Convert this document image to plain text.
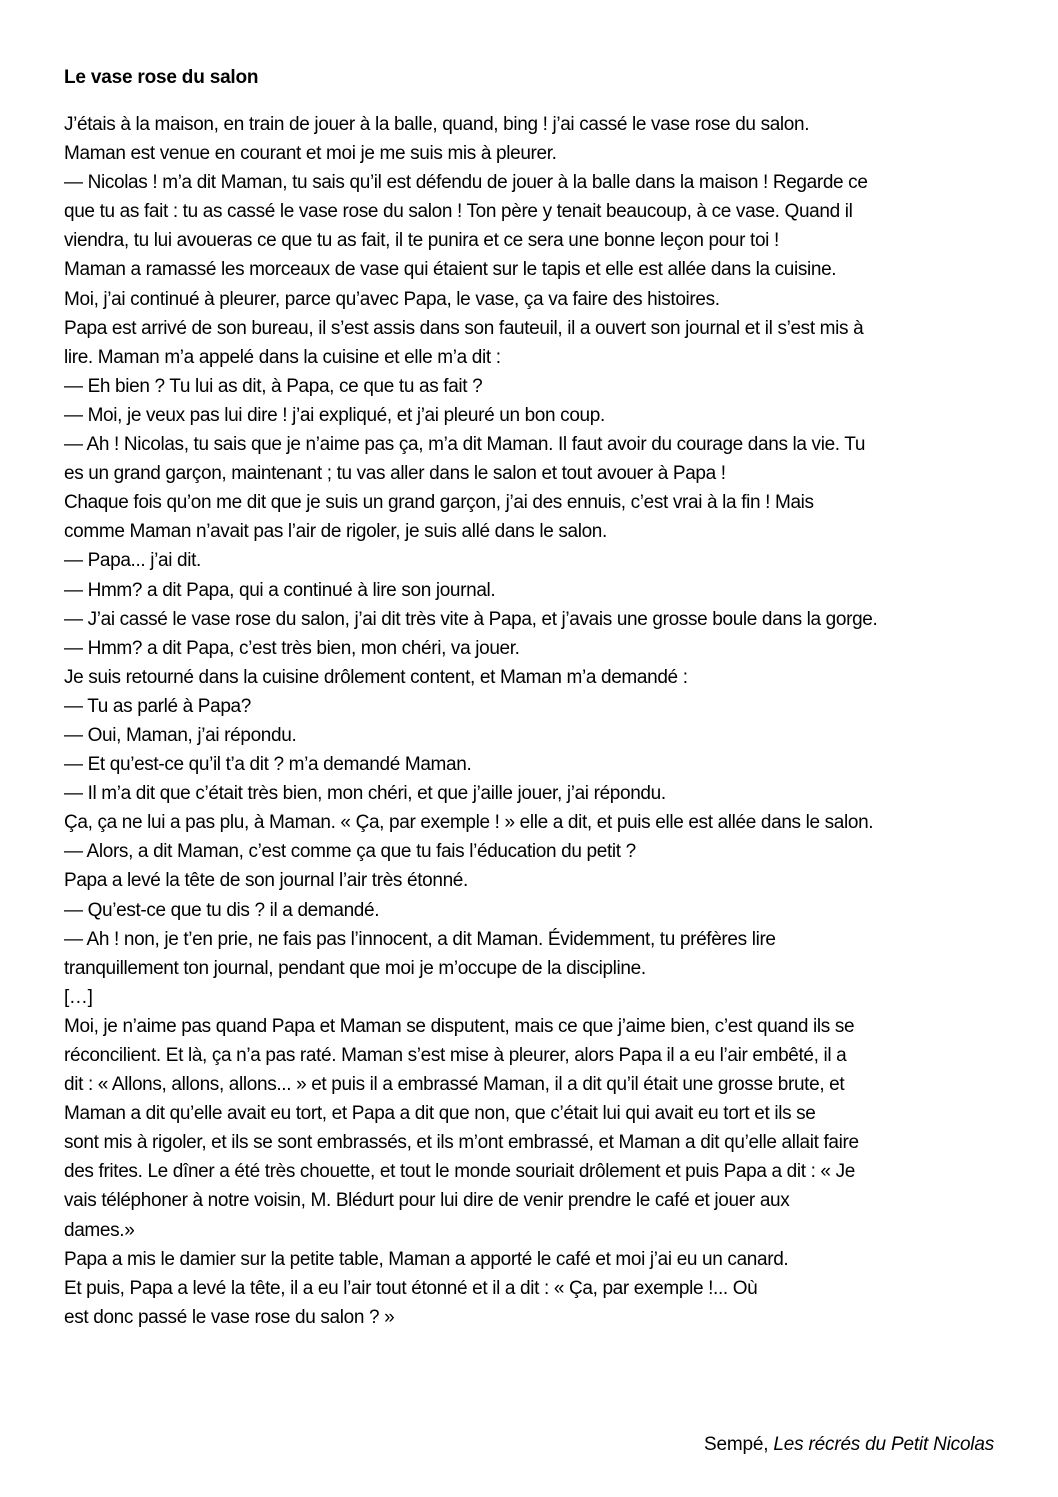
Le vase rose du salon
J’étais à la maison, en train de jouer à la balle, quand, bing ! j’ai cassé le vase rose du salon.
Maman est venue en courant et moi je me suis mis à pleurer.
— Nicolas ! m’a dit Maman, tu sais qu’il est défendu de jouer à la balle dans la maison ! Regarde ce
que tu as fait : tu as cassé le vase rose du salon ! Ton père y tenait beaucoup, à ce vase. Quand il
viendra, tu lui avoueras ce que tu as fait, il te punira et ce sera une bonne leçon pour toi !
Maman a ramassé les morceaux de vase qui étaient sur le tapis et elle est allée dans la cuisine.
Moi, j’ai continué à pleurer, parce qu’avec Papa, le vase, ça va faire des histoires.
Papa est arrivé de son bureau, il s’est assis dans son fauteuil, il a ouvert son journal et il s’est mis à
lire. Maman m’a appelé dans la cuisine et elle m’a dit :
— Eh bien ? Tu lui as dit, à Papa, ce que tu as fait ?
— Moi, je veux pas lui dire ! j’ai expliqué, et j’ai pleuré un bon coup.
— Ah ! Nicolas, tu sais que je n’aime pas ça, m’a dit Maman. Il faut avoir du courage dans la vie. Tu
es un grand garçon, maintenant ; tu vas aller dans le salon et tout avouer à Papa !
Chaque fois qu’on me dit que je suis un grand garçon, j’ai des ennuis, c’est vrai à la fin ! Mais
comme Maman n’avait pas l’air de rigoler, je suis allé dans le salon.
— Papa... j’ai dit.
— Hmm? a dit Papa, qui a continué à lire son journal.
— J’ai cassé le vase rose du salon, j’ai dit très vite à Papa, et j’avais une grosse boule dans la gorge.
— Hmm? a dit Papa, c’est très bien, mon chéri, va jouer.
Je suis retourné dans la cuisine drôlement content, et Maman m’a demandé :
— Tu as parlé à Papa?
— Oui, Maman, j’ai répondu.
— Et qu’est-ce qu’il t’a dit ? m’a demandé Maman.
— Il m’a dit que c’était très bien, mon chéri, et que j’aille jouer, j’ai répondu.
Ça, ça ne lui a pas plu, à Maman. « Ça, par exemple ! » elle a dit, et puis elle est allée dans le salon.
— Alors, a dit Maman, c’est comme ça que tu fais l’éducation du petit ?
Papa a levé la tête de son journal l’air très étonné.
— Qu’est-ce que tu dis ? il a demandé.
— Ah ! non, je t’en prie, ne fais pas l’innocent, a dit Maman. Évidemment, tu préfères lire
tranquillement ton journal, pendant que moi je m’occupe de la discipline.
[…]
Moi, je n’aime pas quand Papa et Maman se disputent, mais ce que j’aime bien, c’est quand ils se
réconcilient. Et là, ça n’a pas raté. Maman s’est mise à pleurer, alors Papa il a eu l’air embêté, il a
dit : « Allons, allons, allons... » et puis il a embrassé Maman, il a dit qu’il était une grosse brute, et
Maman a dit qu’elle avait eu tort, et Papa a dit que non, que c’était lui qui avait eu tort et ils se
sont mis à rigoler, et ils se sont embrassés, et ils m’ont embrassé, et Maman a dit qu’elle allait faire
des frites. Le dîner a été très chouette, et tout le monde souriait drôlement et puis Papa a dit : « Je
vais téléphoner à notre voisin, M. Blédurt pour lui dire de venir prendre le café et jouer aux
dames.»
Papa a mis le damier sur la petite table, Maman a apporté le café et moi j’ai eu un canard.
Et puis, Papa a levé la tête, il a eu l’air tout étonné et il a dit : « Ça, par exemple !... Où
est donc passé le vase rose du salon ? »
Sempé, Les récrés du Petit Nicolas
